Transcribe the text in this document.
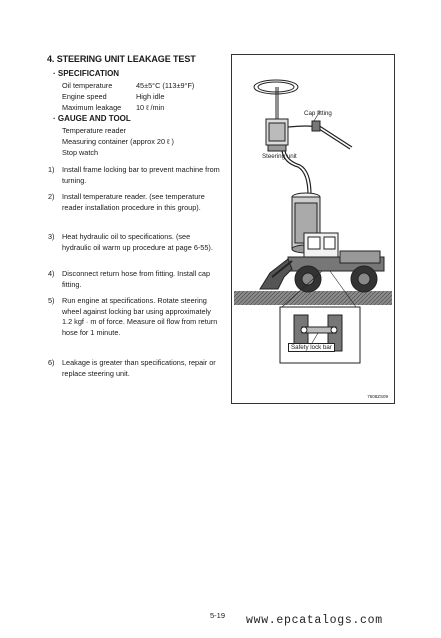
4. STEERING UNIT LEAKAGE TEST
· SPECIFICATION
Oil temperature	45±5°C (113±9°F)
Engine speed	High idle
Maximum leakage 10 ℓ /min
· GAUGE AND TOOL
Temperature reader
Measuring container (approx 20 ℓ )
Stop watch
1) Install frame locking bar to prevent machine from turning.
2) Install temperature reader. (see temperature reader installation procedure in this group).
3) Heat hydraulic oil to specifications. (see hydraulic oil warm up procedure at page 6-55).
4) Disconnect return hose from fitting. Install cap fitting.
5) Run engine at specifications. Rotate steering wheel against locking bar using approximately 1.2 kgf · m of force. Measure oil flow from return hose for 1 minute.
6) Leakage is greater than specifications, repair or replace steering unit.
Cap fitting
Steering unit
Safety lock bar
7608ZS09
5-19 www.epcatalogs.com
